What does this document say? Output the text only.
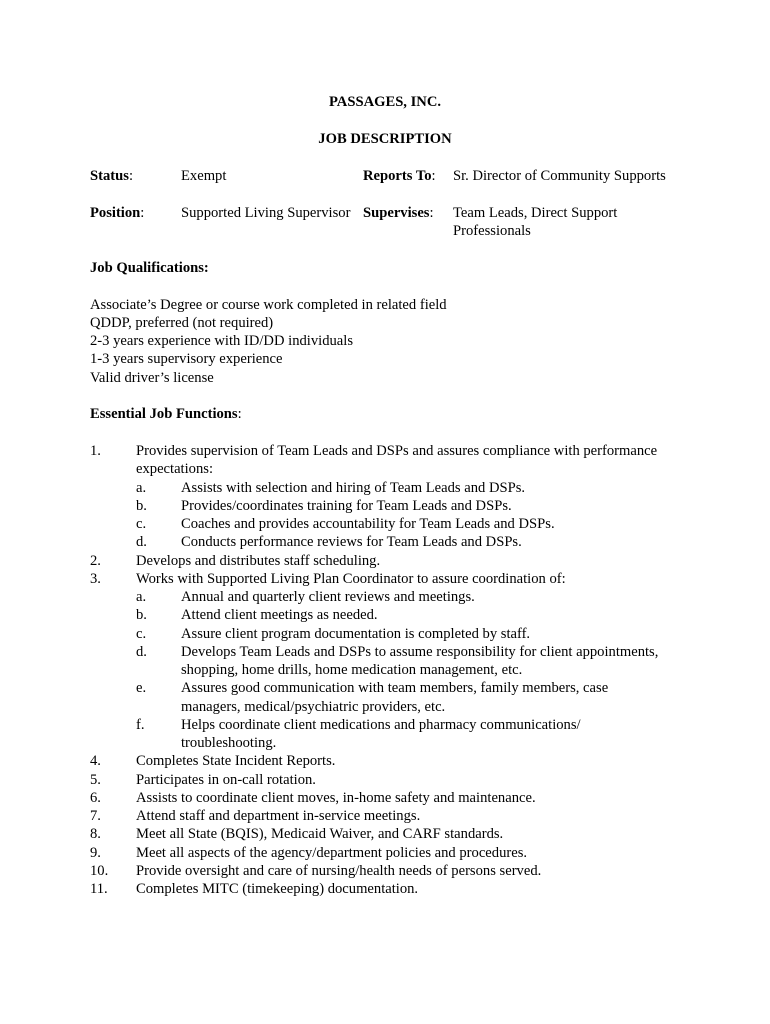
PASSAGES, INC.
JOB DESCRIPTION
Status:	Exempt	Reports To: Sr. Director of Community Supports
Position:	Supported Living Supervisor Supervises: Team Leads, Direct Support
Professionals
Job Qualifications:
Associate’s Degree or course work completed in related field
QDDP, preferred (not required)
2-3 years experience with ID/DD individuals
1-3 years supervisory experience
Valid driver’s license
Essential Job Functions:
1. Provides supervision of Team Leads and DSPs and assures compliance with performance
expectations:
a. Assists with selection and hiring of Team Leads and DSPs.
b. Provides/coordinates training for Team Leads and DSPs.
c. Coaches and provides accountability for Team Leads and DSPs.
d. Conducts performance reviews for Team Leads and DSPs.
2. Develops and distributes staff scheduling.
3. Works with Supported Living Plan Coordinator to assure coordination of:
a. Annual and quarterly client reviews and meetings.
b. Attend client meetings as needed.
c. Assure client program documentation is completed by staff.
d. Develops Team Leads and DSPs to assume responsibility for client appointments,
shopping, home drills, home medication management, etc.
e. Assures good communication with team members, family members, case
managers, medical/psychiatric providers, etc.
f. Helps coordinate client medications and pharmacy communications/
troubleshooting.
4. Completes State Incident Reports.
5. Participates in on-call rotation.
6. Assists to coordinate client moves, in-home safety and maintenance.
7. Attend staff and department in-service meetings.
8. Meet all State (BQIS), Medicaid Waiver, and CARF standards.
9. Meet all aspects of the agency/department policies and procedures.
10. Provide oversight and care of nursing/health needs of persons served.
11. Completes MITC (timekeeping) documentation.
